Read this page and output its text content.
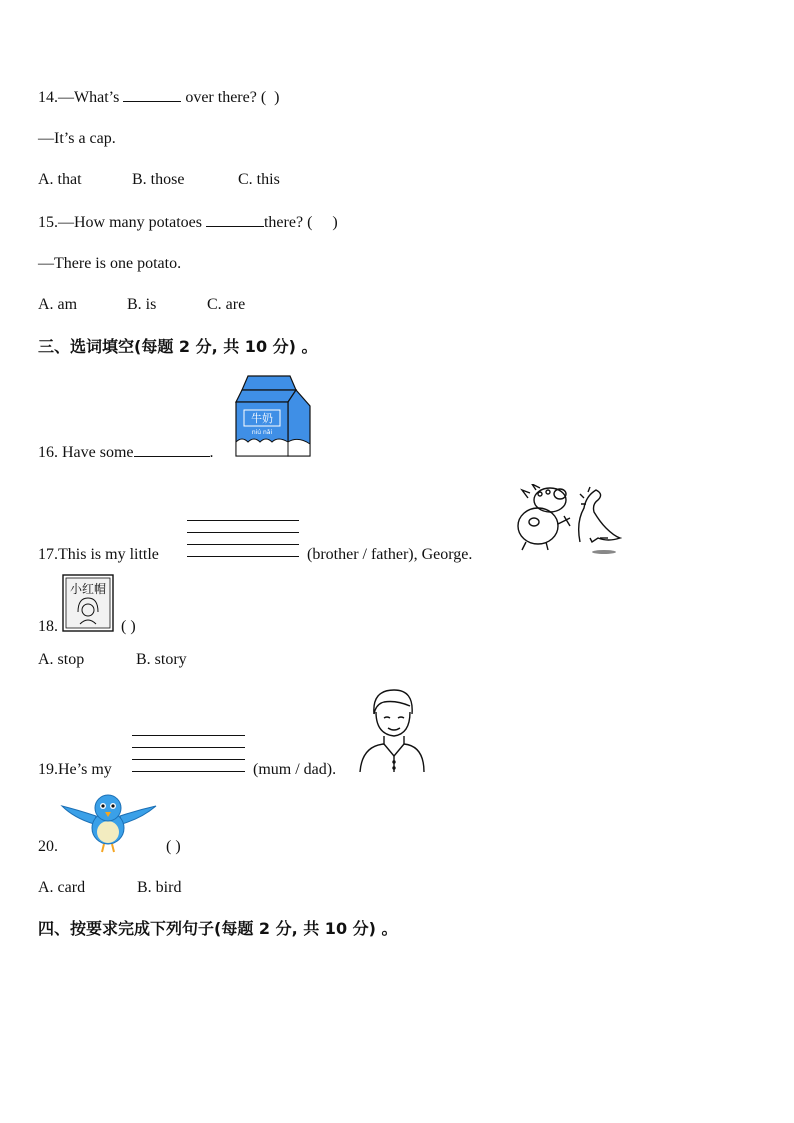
14.—What’s	over there? ( )
—It’s a cap.
A. that	B. those	C. this
15.—How many potatoes	there? ( )
—There is one potato.
A. am	B. is	C. are
三、选词填空(每题 2 分, 共 10 分) 。
牛奶
niú nǎi
16. Have some	.
17.This is my little	(brother / father), George.
小红帽
18.	( )
A. stop	B. story
19.He’s my	(mum / dad).
20.	( )
A. card	B. bird
四、按要求完成下列句子(每题 2 分, 共 10 分) 。
